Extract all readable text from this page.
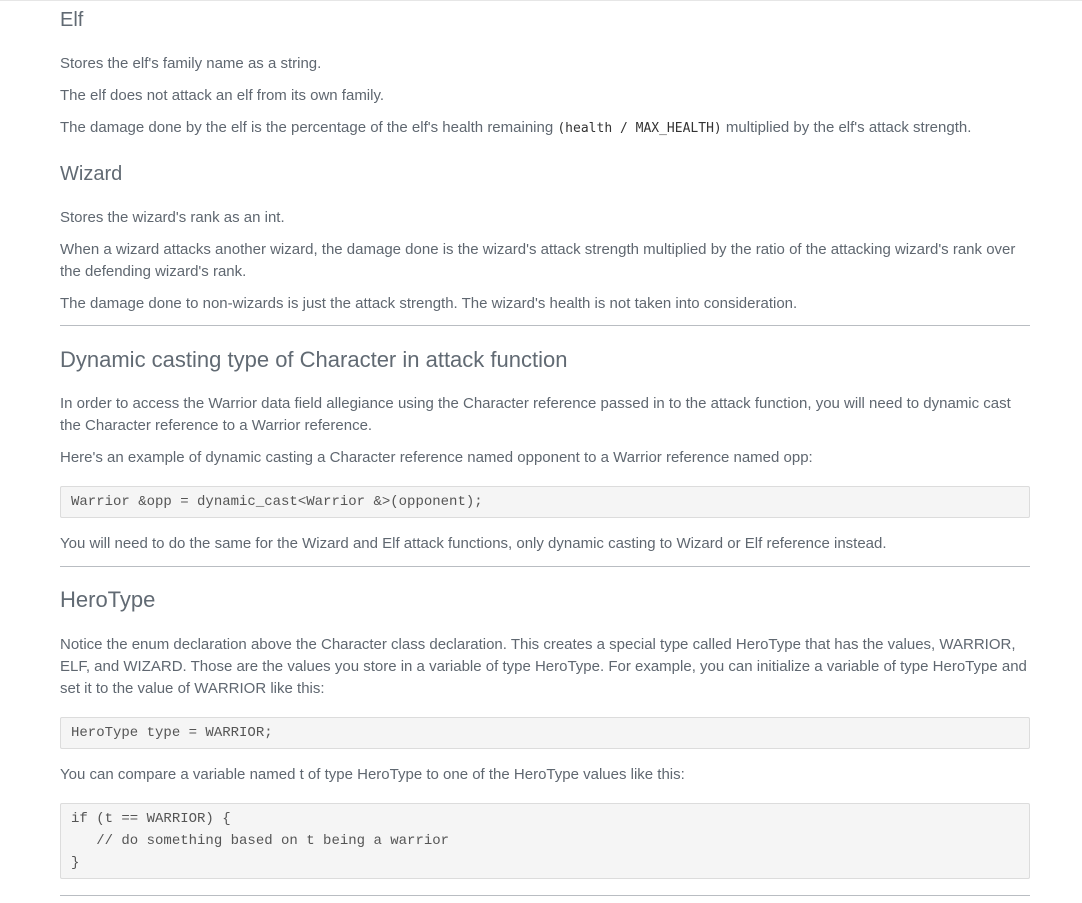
Elf

Stores the elf's family name as a string.

The elf does not attack an elf from its own family.

The damage done by the elf is the percentage of the elf's health remaining (health / MAX_HEALTH) multiplied by the elf's attack strength.

Wizard

Stores the wizard's rank as an int.

When a wizard attacks another wizard, the damage done is the wizard's attack strength multiplied by the ratio of the attacking wizard's rank over the defending wizard's rank.

The damage done to non-wizards is just the attack strength. The wizard's health is not taken into consideration.

Dynamic casting type of Character in attack function

In order to access the Warrior data field allegiance using the Character reference passed in to the attack function, you will need to dynamic cast the Character reference to a Warrior reference.

Here's an example of dynamic casting a Character reference named opponent to a Warrior reference named opp:

Warrior &opp = dynamic_cast<Warrior &>(opponent);

You will need to do the same for the Wizard and Elf attack functions, only dynamic casting to Wizard or Elf reference instead.

HeroType

Notice the enum declaration above the Character class declaration. This creates a special type called HeroType that has the values, WARRIOR, ELF, and WIZARD. Those are the values you store in a variable of type HeroType. For example, you can initialize a variable of type HeroType and set it to the value of WARRIOR like this:

HeroType type = WARRIOR;

You can compare a variable named t of type HeroType to one of the HeroType values like this:

if (t == WARRIOR) {
// do something based on t being a warrior
}
